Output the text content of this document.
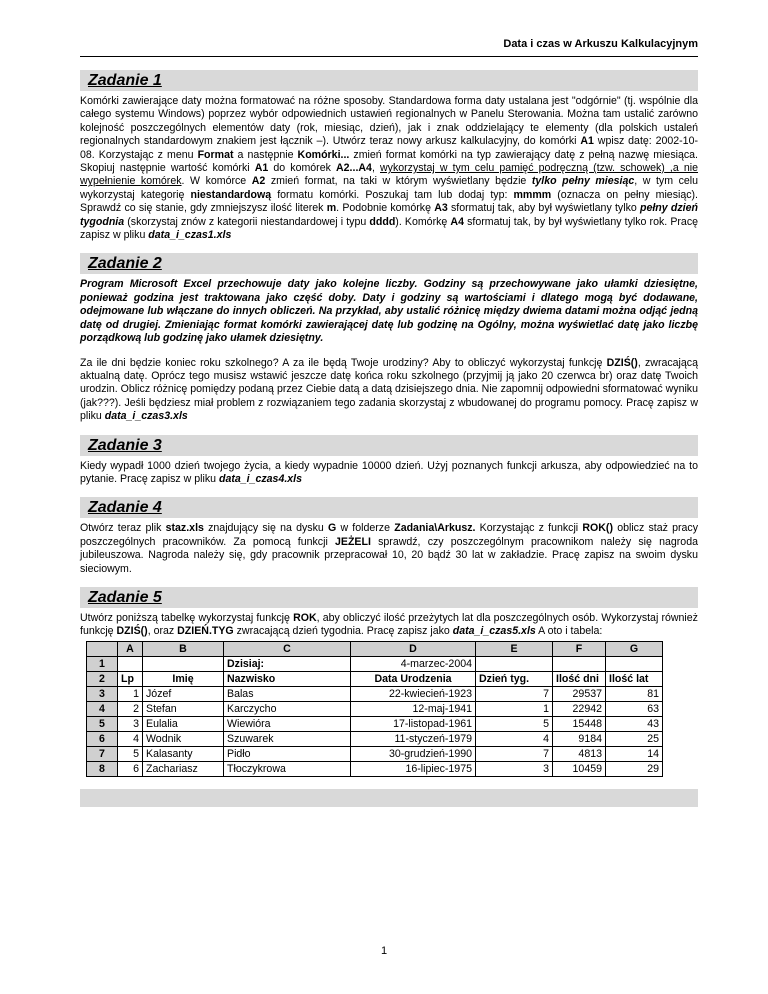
Data i czas w Arkuszu Kalkulacyjnym
Zadanie 1

Komórki zawierające daty można formatować na różne sposoby. Standardowa forma daty ustalana jest "odgórnie" (tj. wspólnie dla całego systemu Windows) poprzez wybór odpowiednich ustawień regionalnych w Panelu Sterowania. Można tam ustalić zarówno kolejność poszczególnych elementów daty (rok, miesiąc, dzień), jak i znak oddzielający te elementy (dla polskich ustaleń regionalnych standardowym znakiem jest łącznik –). Utwórz teraz nowy arkusz kalkulacyjny, do komórki A1 wpisz datę: 2002-10-08. Korzystając z menu Format a następnie Komórki... zmień format komórki na typ zawierający datę z pełną nazwę miesiąca. Skopiuj następnie wartość komórki A1 do komórek A2...A4, wykorzystaj w tym celu pamięć podręczną (tzw. schowek) ,a nie wypełnienie komórek. W komórce A2 zmień format, na taki w którym wyświetlany będzie tylko pełny miesiąc, w tym celu wykorzystaj kategorię niestandardową formatu komórki. Poszukaj tam lub dodaj typ: mmmm (oznacza on pełny miesiąc). Sprawdź co się stanie, gdy zmniejszysz ilość literek m. Podobnie komórkę A3 sformatuj tak, aby był wyświetlany tylko pełny dzień tygodnia (skorzystaj znów z kategorii niestandardowej i typu dddd). Komórkę A4 sformatuj tak, by był wyświetlany tylko rok. Pracę zapisz w pliku data_i_czas1.xls

Zadanie 2

Program Microsoft Excel przechowuje daty jako kolejne liczby. Godziny są przechowywane jako ułamki dziesiętne, ponieważ godzina jest traktowana jako część doby. Daty i godziny są wartościami i dlatego mogą być dodawane, odejmowane lub włączane do innych obliczeń. Na przykład, aby ustalić różnicę między dwiema datami można odjąć jedną datę od drugiej. Zmieniając format komórki zawierającej datę lub godzinę na Ogólny, można wyświetlać datę jako liczbę porządkową lub godzinę jako ułamek dziesiętny.

Za ile dni będzie koniec roku szkolnego? A za ile będą Twoje urodziny? Aby to obliczyć wykorzystaj funkcję DZIŚ(), zwracającą aktualną datę. Oprócz tego musisz wstawić jeszcze datę końca roku szkolnego (przyjmij ją jako 20 czerwca br) oraz datę Twoich urodzin. Oblicz różnicę pomiędzy podaną przez Ciebie datą a datą dzisiejszego dnia. Nie zapomnij odpowiedni sformatować wyniku (jak???). Jeśli będziesz miał problem z rozwiązaniem tego zadania skorzystaj z wbudowanej do programu pomocy. Pracę zapisz w pliku data_i_czas3.xls

Zadanie 3

Kiedy wypadł 1000 dzień twojego życia, a kiedy wypadnie 10000 dzień. Użyj poznanych funkcji arkusza, aby odpowiedzieć na to pytanie. Pracę zapisz w pliku data_i_czas4.xls

Zadanie 4

Otwórz teraz plik staz.xls znajdujący się na dysku G w folderze Zadania\Arkusz. Korzystając z funkcji ROK() oblicz staż pracy poszczególnych pracowników. Za pomocą funkcji JEŻELI sprawdź, czy poszczególnym pracownikom należy się nagroda jubileuszowa. Nagroda należy się, gdy pracownik przepracował 10, 20 bądź 30 lat w zakładzie. Pracę zapisz na swoim dysku sieciowym.

Zadanie 5

Utwórz poniższą tabelkę wykorzystaj funkcję ROK, aby obliczyć ilość przeżytych lat dla poszczególnych osób. Wykorzystaj również funkcję DZIŚ(), oraz DZIEŃ.TYG zwracającą dzień tygodnia. Pracę zapisz jako data_i_czas5.xls A oto i tabela:

	A	B	C	D	E	F	G
1			Dzisiaj:	4-marzec-2004			
2	Lp	Imię	Nazwisko	Data Urodzenia	Dzień tyg.	Ilość dni	Ilość lat
3	1	Józef	Balas	22-kwiecień-1923	7	29537	81
4	2	Stefan	Karczycho	12-maj-1941	1	22942	63
5	3	Eulalia	Wiewióra	17-listopad-1961	5	15448	43
6	4	Wodnik	Szuwarek	11-styczeń-1979	4	9184	25
7	5	Kalasanty	Pidło	30-grudzień-1990	7	4813	14
8	6	Zachariasz	Tłoczykrowa	16-lipiec-1975	3	10459	29
1
